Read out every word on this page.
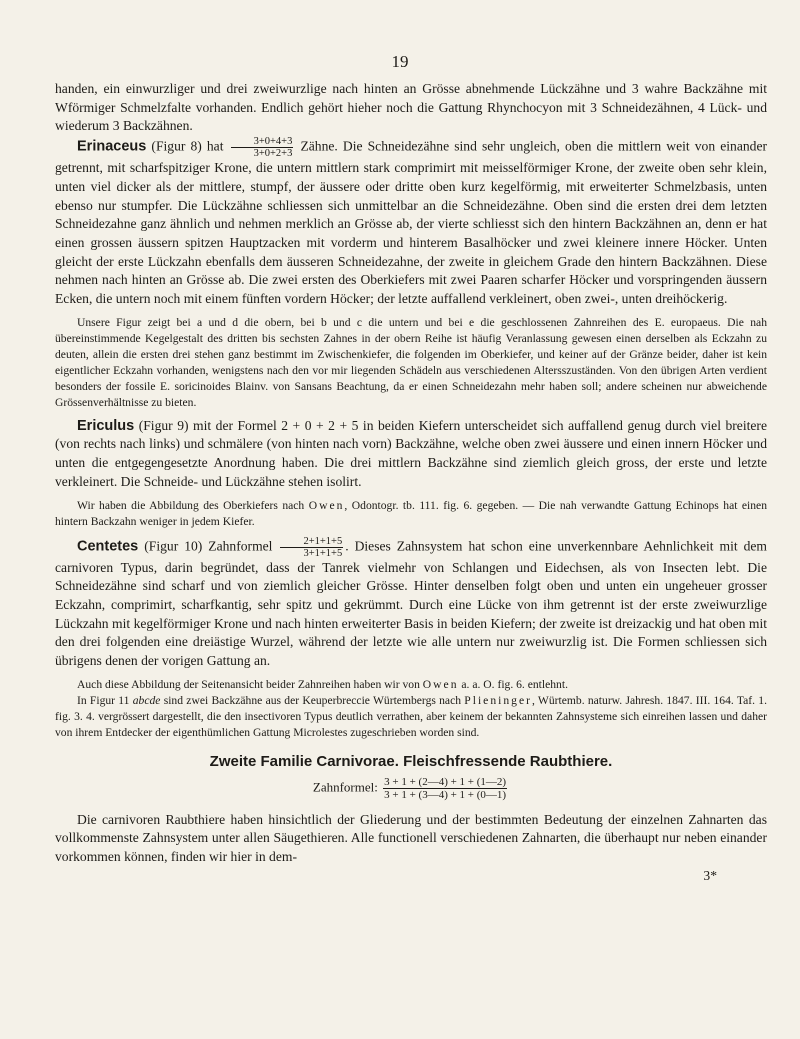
19

handen, ein einwurzliger und drei zweiwurzlige nach hinten an Grösse abnehmende Lückzähne und 3 wahre Backzähne mit Wförmiger Schmelzfalte vorhanden. Endlich gehört hieher noch die Gattung Rhynchocyon mit 3 Schneidezähnen, 4 Lück- und wiederum 3 Backzähnen.

Erinaceus (Figur 8) hat $\frac{3+0+4+3}{3+0+2+3}$ Zähne. Die Schneidezähne sind sehr ungleich, oben die mittlern weit von einander getrennt, mit scharfspitziger Krone, die untern mittlern stark comprimirt mit meisselförmiger Krone, der zweite oben sehr klein, unten viel dicker als der mittlere, stumpf, der äussere oder dritte oben kurz kegelförmig, mit erweiterter Schmelzbasis, unten ebenso nur stumpfer. Die Lückzähne schliessen sich unmittelbar an die Schneidezähne. Oben sind die ersten drei dem letzten Schneidezahne ganz ähnlich und nehmen merklich an Grösse ab, der vierte schliesst sich den hintern Backzähnen an, denn er hat einen grossen äussern spitzen Hauptzacken mit vorderm und hinterem Basalhöcker und zwei kleinere innere Höcker. Unten gleicht der erste Lückzahn ebenfalls dem äusseren Schneidezahne, der zweite in gleichem Grade den hintern Backzähnen. Diese nehmen nach hinten an Grösse ab. Die zwei ersten des Oberkiefers mit zwei Paaren scharfer Höcker und vorspringenden äussern Ecken, die untern noch mit einem fünften vordern Höcker; der letzte auffallend verkleinert, oben zwei-, unten dreihöckerig.

Unsere Figur zeigt bei a und d die obern, bei b und c die untern und bei e die geschlossenen Zahnreihen des E. europaeus. Die nah übereinstimmende Kegelgestalt des dritten bis sechsten Zahnes in der obern Reihe ist häufig Veranlassung gewesen einen derselben als Eckzahn zu deuten, allein die ersten drei stehen ganz bestimmt im Zwischenkiefer, die folgenden im Oberkiefer, und keiner auf der Gränze beider, daher ist kein eigentlicher Eckzahn vorhanden, wenigstens nach den vor mir liegenden Schädeln aus verschiedenen Altersszuständen. Von den übrigen Arten verdient besonders der fossile E. soricinoides Blainv. von Sansans Beachtung, da er einen Schneidezahn mehr haben soll; andere scheinen nur abweichende Grössenverhältnisse zu bieten.

Ericulus (Figur 9) mit der Formel 2 + 0 + 2 + 5 in beiden Kiefern unterscheidet sich auffallend genug durch viel breitere (von rechts nach links) und schmälere (von hinten nach vorn) Backzähne, welche oben zwei äussere und einen innern Höcker und unten die entgegengesetzte Anordnung haben. Die drei mittlern Backzähne sind ziemlich gleich gross, der erste und letzte verkleinert. Die Schneide- und Lückzähne stehen isolirt.

Wir haben die Abbildung des Oberkiefers nach Owen, Odontogr. tb. 111. fig. 6. gegeben. — Die nah verwandte Gattung Echinops hat einen hintern Backzahn weniger in jedem Kiefer.

Centetes (Figur 10) Zahnformel $\frac{2+1+1+5}{3+1+1+5}$ . Dieses Zahnsystem hat schon eine unverkennbare Aehnlichkeit mit dem carnivoren Typus, darin begründet, dass der Tanrek vielmehr von Schlangen und Eidechsen, als von Insecten lebt. Die Schneidezähne sind scharf und von ziemlich gleicher Grösse. Hinter denselben folgt oben und unten ein ungeheuer grosser Eckzahn, comprimirt, scharfkantig, sehr spitz und gekrümmt. Durch eine Lücke von ihm getrennt ist der erste zweiwurzlige Lückzahn mit kegelförmiger Krone und nach hinten erweiterter Basis in beiden Kiefern; der zweite ist dreizackig und hat oben mit den drei folgenden eine dreiästige Wurzel, während der letzte wie alle untern nur zweiwurzlig ist. Die Formen schliessen sich übrigens denen der vorigen Gattung an.

Auch diese Abbildung der Seitenansicht beider Zahnreihen haben wir von Owen a. a. O. fig. 6. entlehnt.

In Figur 11 abcde sind zwei Backzähne aus der Keuperbreccie Würtembergs nach Plieninger, Würtemb. naturw. Jahresh. 1847. III. 164. Taf. 1. fig. 3. 4. vergrössert dargestellt, die den insectivoren Typus deutlich verrathen, aber keinem der bekannten Zahnsysteme sich einreihen lassen und daher von ihrem Entdecker der eigenthümlichen Gattung Microlestes zugeschrieben worden sind.

Zweite Familie Carnivorae. Fleischfressende Raubthiere.
Zahnformel: $\frac{3 + 1 + (2—4) + 1 + (1—2)}{3 + 1 + (3—4) + 1 + (0—1)}$

Die carnivoren Raubthiere haben hinsichtlich der Gliederung und der bestimmten Bedeutung der einzelnen Zahnarten das vollkommenste Zahnsystem unter allen Säugethieren. Alle functionell verschiedenen Zahnarten, die überhaupt nur neben einander vorkommen können, finden wir hier in dem-

3*
